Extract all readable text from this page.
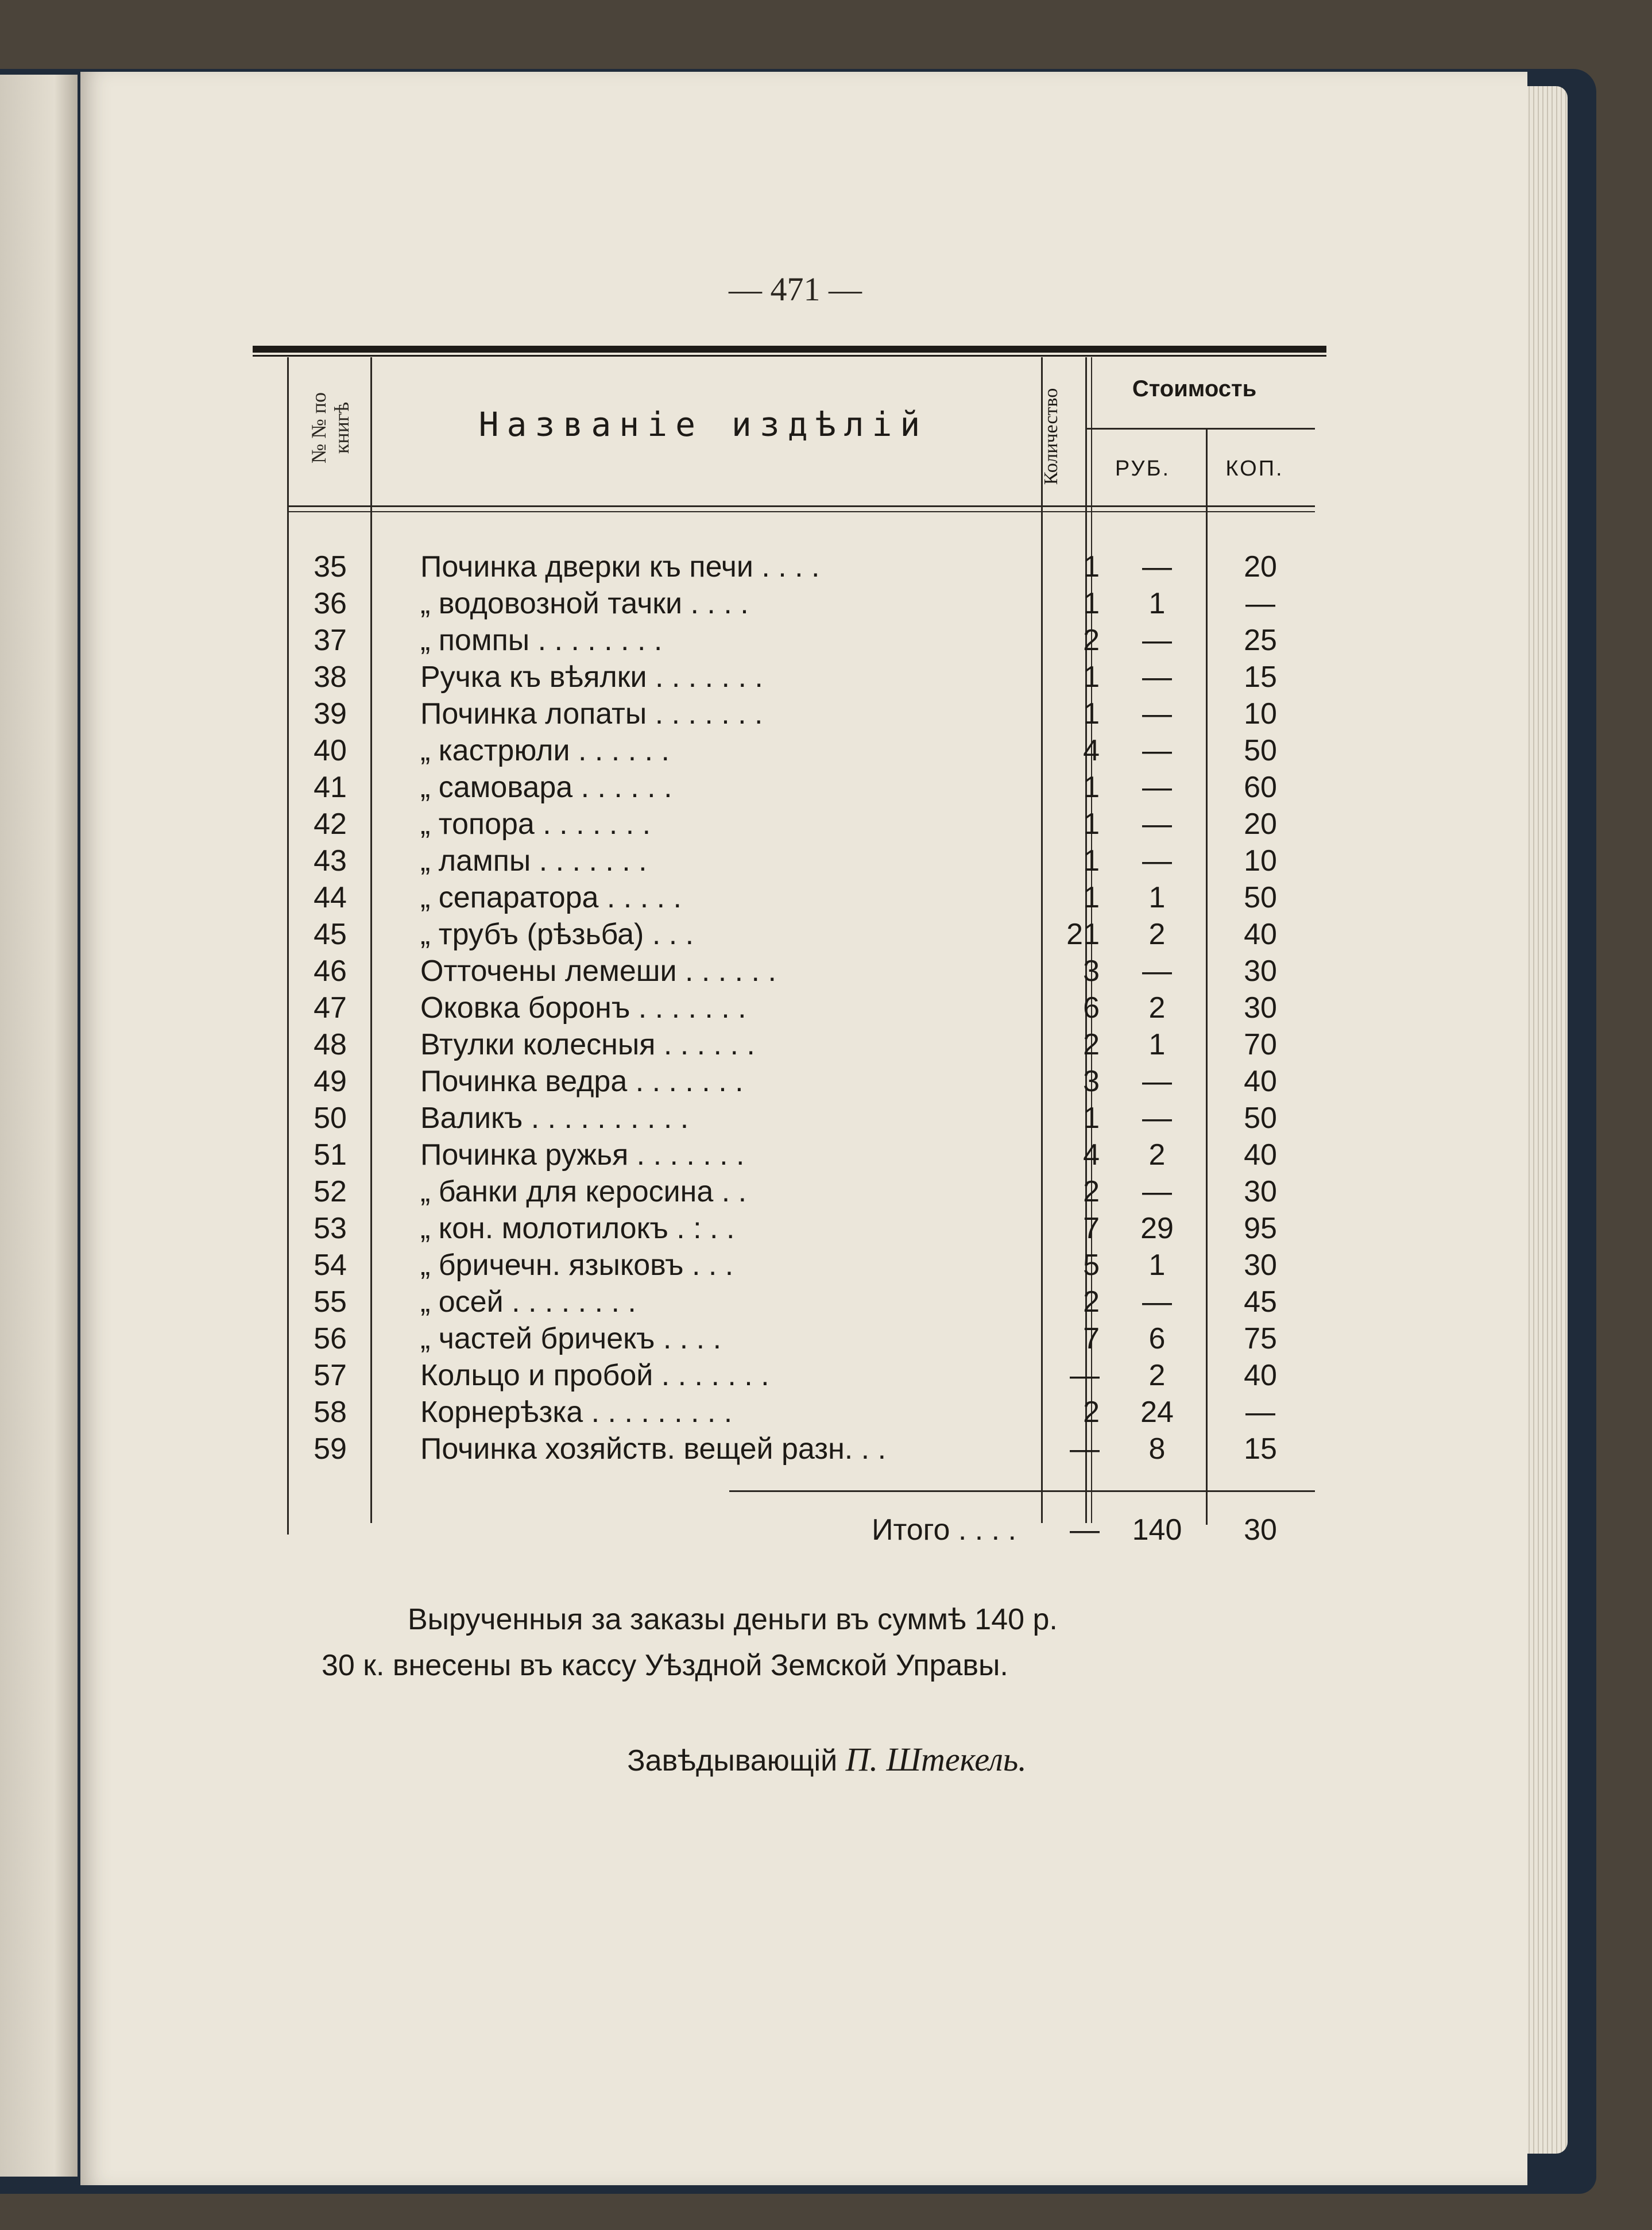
— 471 —
№ № по книгѣ	Названіе издѣлій	Количество	Стоимость
РУБ.	КОП.
35	Починка дверки къ печи . . . .	1	—	20
36	„ водовозной тачки . . . .	1	1	—
37	„ помпы . . . . . . . .	2	—	25
38	Ручка къ вѣялки . . . . . . .	1	—	15
39	Починка лопаты . . . . . . .	1	—	10
40	„ кастрюли . . . . . .	4	—	50
41	„ самовара . . . . . .	1	—	60
42	„ топора . . . . . . .	1	—	20
43	„ лампы . . . . . . .	1	—	10
44	„ сепаратора . . . . .	1	1	50
45	„ трубъ (рѣзьба) . . .	21	2	40
46	Отточены лемеши . . . . . .	3	—	30
47	Оковка боронъ . . . . . . .	6	2	30
48	Втулки колесныя . . . . . .	2	1	70
49	Починка ведра . . . . . . .	3	—	40
50	Валикъ . . . . . . . . . .	1	—	50
51	Починка ружья . . . . . . .	4	2	40
52	„ банки для керосина . .	2	—	30
53	„ кон. молотилокъ . : . .	7	29	95
54	„ бричечн. языковъ . . .	5	1	30
55	„ осей . . . . . . . .	2	—	45
56	„ частей бричекъ . . . .	7	6	75
57	Кольцо и пробой . . . . . . .	—	2	40
58	Корнерѣзка . . . . . . . . .	2	24	—
59	Починка хозяйств. вещей разн. . .	—	8	15
Итого . . . .	—	140	30
Вырученныя за заказы деньги въ суммѣ 140 р.
30 к. внесены въ кассу Уѣздной Земской Управы.
Завѣдывающій П. Штекель.
